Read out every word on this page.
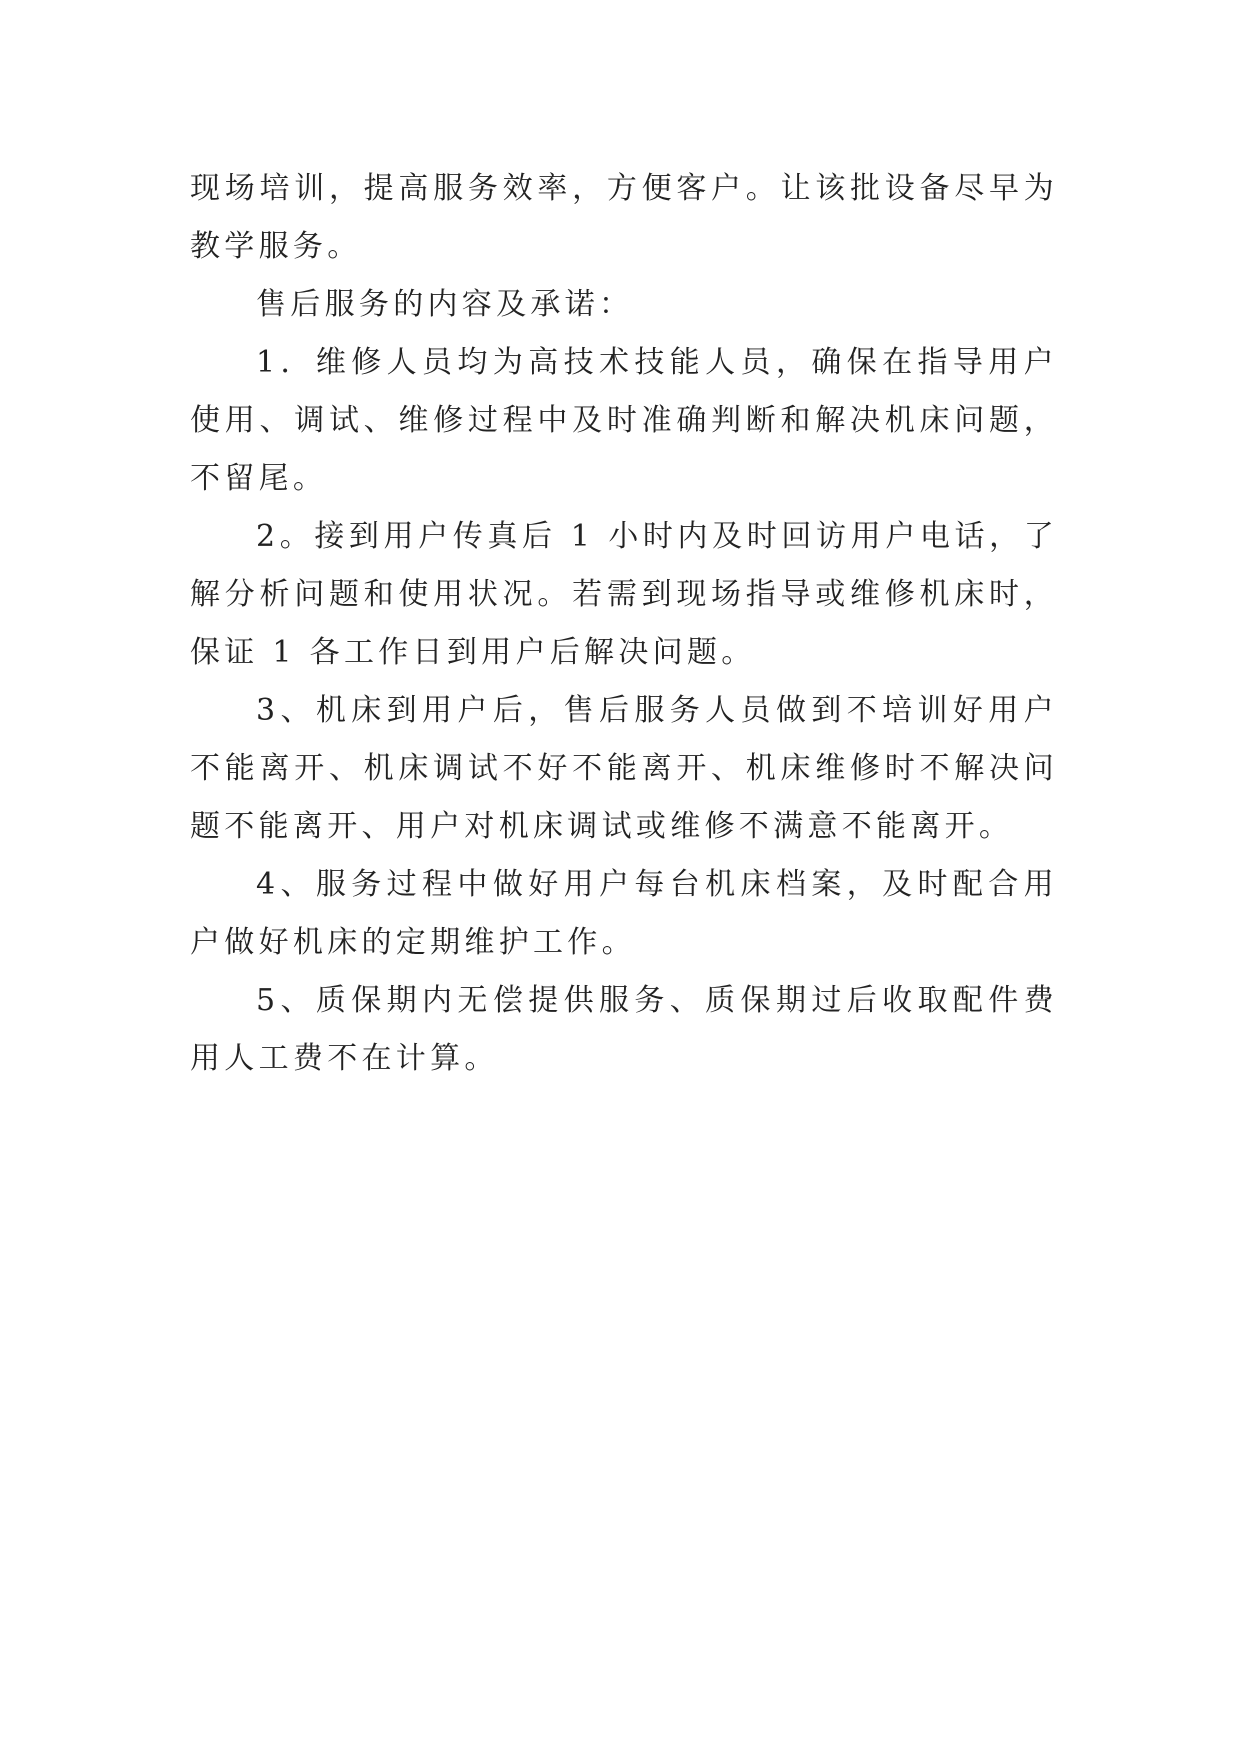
现场培训，提高服务效率，方便客户。让该批设备尽早为教学服务。

售后服务的内容及承诺：

1．维修人员均为高技术技能人员，确保在指导用户使用、调试、维修过程中及时准确判断和解决机床问题，不留尾。

2。接到用户传真后 1 小时内及时回访用户电话，了解分析问题和使用状况。若需到现场指导或维修机床时，保证 1 各工作日到用户后解决问题。

3、机床到用户后，售后服务人员做到不培训好用户不能离开、机床调试不好不能离开、机床维修时不解决问题不能离开、用户对机床调试或维修不满意不能离开。

4、服务过程中做好用户每台机床档案，及时配合用户做好机床的定期维护工作。

5、质保期内无偿提供服务、质保期过后收取配件费用人工费不在计算。
